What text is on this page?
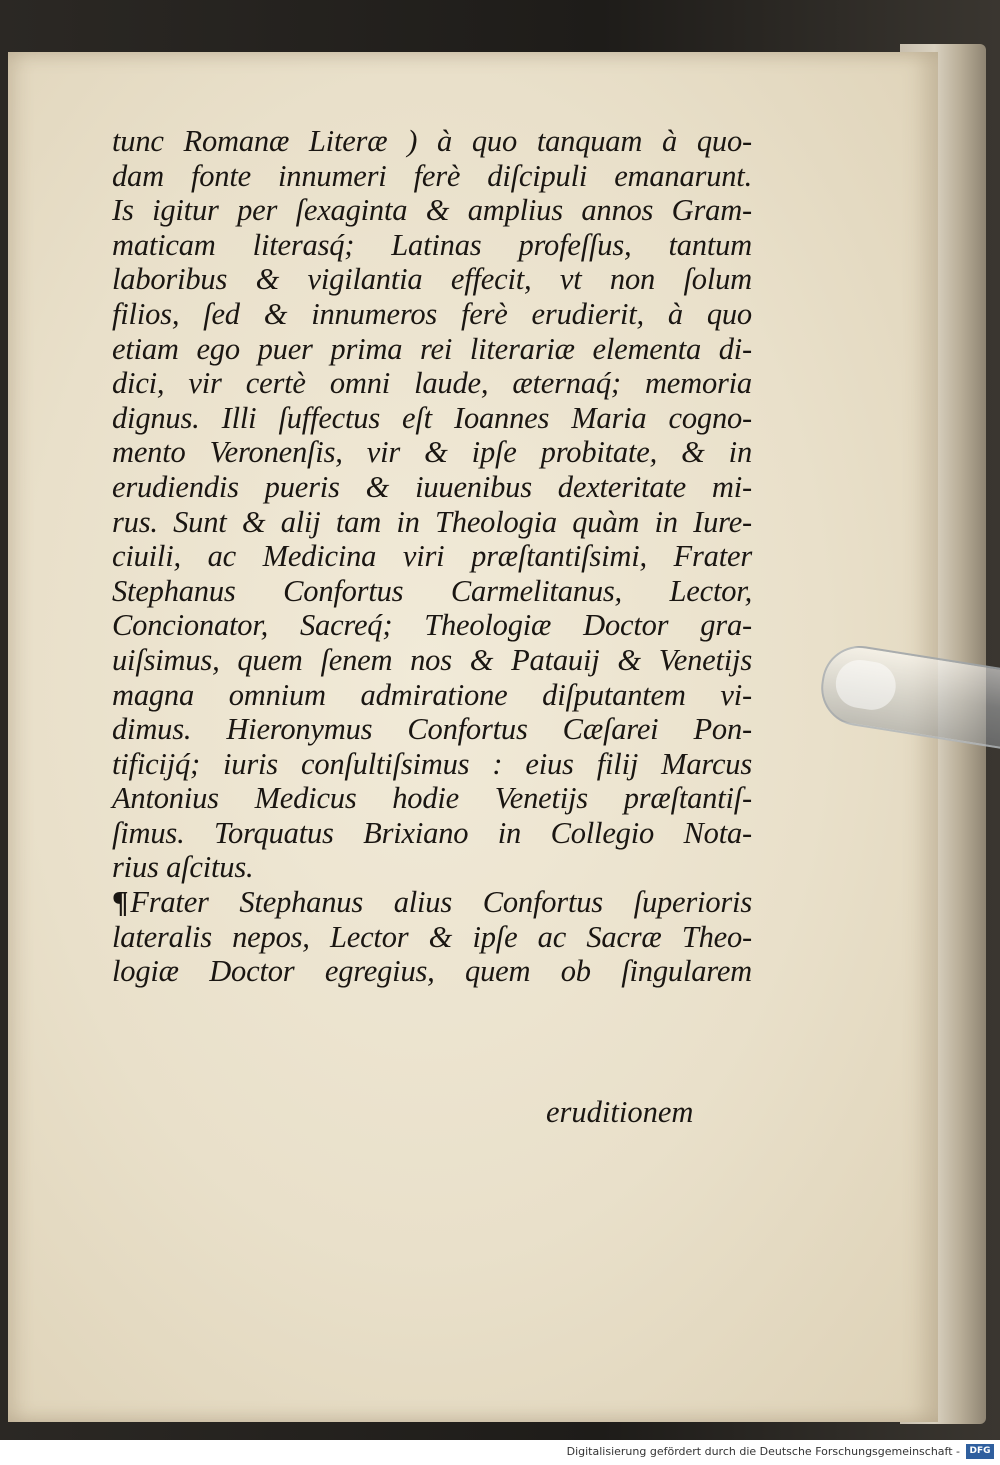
tunc Romanæ Literæ ) à quo tanquam à quo-
dam fonte innumeri ferè diſcipuli emanarunt.
Is igitur per ſexaginta & amplius annos Gram-
maticam literasq́; Latinas profeſſus, tantum
laboribus & vigilantia effecit, vt non ſolum
filios, ſed & innumeros ferè erudierit, à quo
etiam ego puer prima rei literariæ elementa di-
dici, vir certè omni laude, æternaq́; memoria
dignus. Illi ſuffectus eſt Ioannes Maria cogno-
mento Veronenſis, vir & ipſe probitate, & in
erudiendis pueris & iuuenibus dexteritate mi-
rus. Sunt & alij tam in Theologia quàm in Iure-
ciuili, ac Medicina viri præſtantiſsimi, Frater
Stephanus Confortus Carmelitanus, Lector,
Concionator, Sacreq́; Theologiæ Doctor gra-
uiſsimus, quem ſenem nos & Patauij & Venetijs
magna omnium admiratione diſputantem vi-
dimus. Hieronymus Confortus Cæſarei Pon-
tificijq́; iuris conſultiſsimus : eius filij Marcus
Antonius Medicus hodie Venetijs præſtantiſ-
ſimus. Torquatus Brixiano in Collegio Nota-
rius aſcitus.
¶Frater Stephanus alius Confortus ſuperioris
lateralis nepos, Lector & ipſe ac Sacræ Theo-
logiæ Doctor egregius, quem ob ſingularem
eruditionem
Digitalisierung gefördert durch die Deutsche Forschungsgemeinschaft -	DFG
